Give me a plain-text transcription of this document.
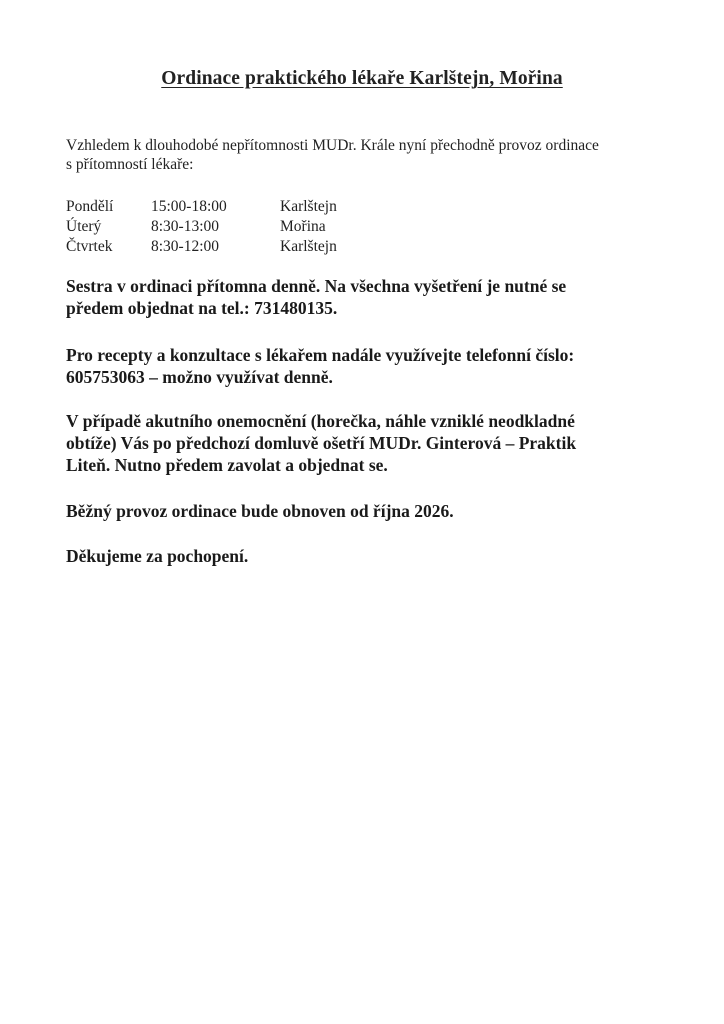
Ordinace praktického lékaře Karlštejn, Mořina
Vzhledem k dlouhodobé nepřítomnosti MUDr. Krále nyní přechodně provoz ordinace
s přítomností lékaře:
Pondělí	15:00-18:00	Karlštejn
Úterý	8:30-13:00	Mořina
Čtvrtek	8:30-12:00	Karlštejn
Sestra v ordinaci přítomna denně. Na všechna vyšetření je nutné se
předem objednat na tel.: 731480135.
Pro recepty a konzultace s lékařem nadále využívejte telefonní číslo:
605753063 – možno využívat denně.
V případě akutního onemocnění (horečka, náhle vzniklé neodkladné
obtíže) Vás po předchozí domluvě ošetří MUDr. Ginterová – Praktik
Liteň. Nutno předem zavolat a objednat se.
Běžný provoz ordinace bude obnoven od října 2026.
Děkujeme za pochopení.
